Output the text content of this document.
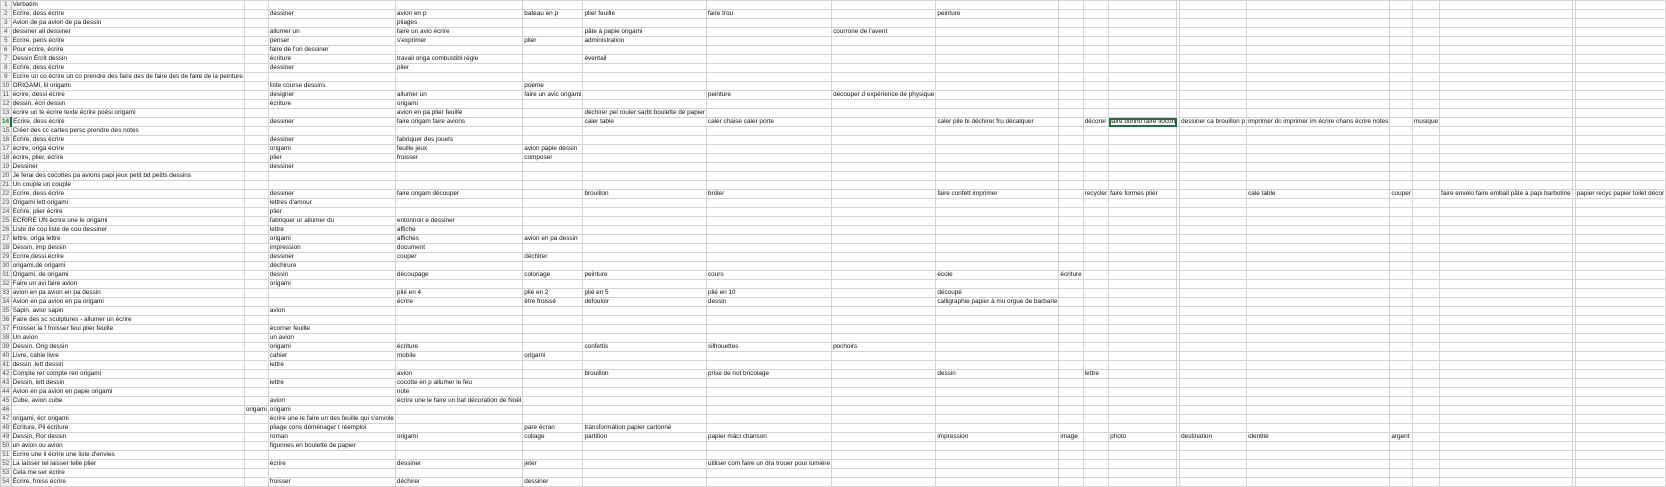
1	Verbatim																			
2	Ecrire, dess écrire		dessiner	avion en p	bateau en p	plier feuille	faire trou		peinture											
3	Avion de pa avion de pa dessin			pliages																
4	dessiner all dessiner		allumer un	faire un avio écrire		pâte à papie origami		courrone de l'avent												
5	Ecrire, pens écrire		penser	s'exprimer	plier	administration														
6	Pour ecrire, écrire		faire de l'ori dessiner																	
7	Dessin Ecrit dessin		écriture	travail origa combustibl règle		éventail														
8	Ecrire, dess écrire		dessiner	plier																
9	Ecrire un co écrire un co prendre des faire des de faire des de faire de la peinture																			
10	ORIGAMI, lil origami		liste course dessins		poème															
11	écrire, dessi écrire		designer	allumer un	faire un avic origami		peinture	découper d expérience de physique												
12	dessin, écri dessin		écriture	origami																
13	écrire un te écrire texte écrire poési origami			avion en pa plier feuille		déchirer pel rouler sarbt boulette de papier														
14	Ecrire, dess écrire		dessiner	faire origam faire avions		caler table	caler chaise caler porte		caler pile bi déchirer fru décalquer		décorer	faire bonho faire flocon		dessiner ca brouillon p	imprimer dc imprimer im écrire chans écrire notes		musique			
15	Créer des cc cartes persc prendre des notes																			
16	Écrire, dess écrire		dessiner	fabriquer des jouets																
17	écrire, origa écrire		origami	feuille jeux	avion papie dessin															
18	écrire, plier, écrire		plier	froisser	composer															
19	Dessiner		dessiner																	
20	Je ferai des cocottes pa avions papi jeux petit bd petits dessins																			
21	Un couple un couple																			
22	Ecrire, dess écrire		dessiner	faire origam découper		brouillon	brûler		faire confett imprimer		recycler	faire formes plier			cale table	couper		faire envelo faire emball pâte à papi barbotine		papier recyc papier toilet décor
23	Origami lett origami		lettres d'amour																	
24	Ecrire, plier écrire		plier																	
25	ECRIRE UN écrire une le origami		fabriquer ur allumer du	entonnoir e dessiner																
26	Liste de cou liste de cou dessiner		lettre	affiche																
27	lettre, origa lettre		origami	affiches	avion en pa dessin															
28	Dessin, imp dessin		impression	document																
29	Ecrire,dessi écrire		dessiner	couper	déchirer															
30	origami,dé origami		déchirure																	
31	Origami, de origami		dessin	découpage	coloriage	peinture	cours		école	écriture										
32	Faire un avi faire avion		origami																	
33	avion en pa avion en pa dessin			plié en 4	plié en 2	plié en 5	plié en 10		découpé											
34	Avion en pa avion en pa origami			écrire	être froissé	défouloir	dessin		calligraphie papier à mu orgue de barbarie											
35	Sapin, avior sapin		avion																	
36	Faire des sc sculptures - allumer un écrire																			
37	Froisser la f froisser feui plier feuille		écorner feuille																	
38	Un avion		un avion																	
39	Dessin, Orig dessin		origami	écriture		confettis	silhouettes	pochoirs												
40	Livre, cahie livre		cahier	mobile	origami															
41	dessin ,lett dessin		lettre																	
42	Compte rer compte ren origami			avion		brouillon	prise de not bricolage		dessin		lettre									
43	Dessin, lett dessin		lettre	cocotte en p allumer le feu																
44	Avion en pa avion en papie origami			note																
45	Cube, avion cube		avion	écrire une le faire un bat décoration de Noël																
46		origami	origami																	
47	origami, écr origami		écrire une le faire un des feuille qui s'envole																	
48	Écriture, Pli écriture		pliage cons déménager t réemploi		pare écran	transformation papier cartonné														
49	Dessin, Ror dessin		roman	origami	collage	partition	papier mâcl chanson		impression	image		photo		destination	identité	argent				
50	un avion ou avion		figurines en boulette de papier																	
51	Ecrire une li écrire une liste d'envies																			
52	La laisser tel laisser telle plier		écrire	dessiner	jeter		utiliser com faire un dra trouer pour lumière													
53	Cela me ser écrire																			
54	Écrire, froiss écrire		froisser	déchirer	dessiner															
